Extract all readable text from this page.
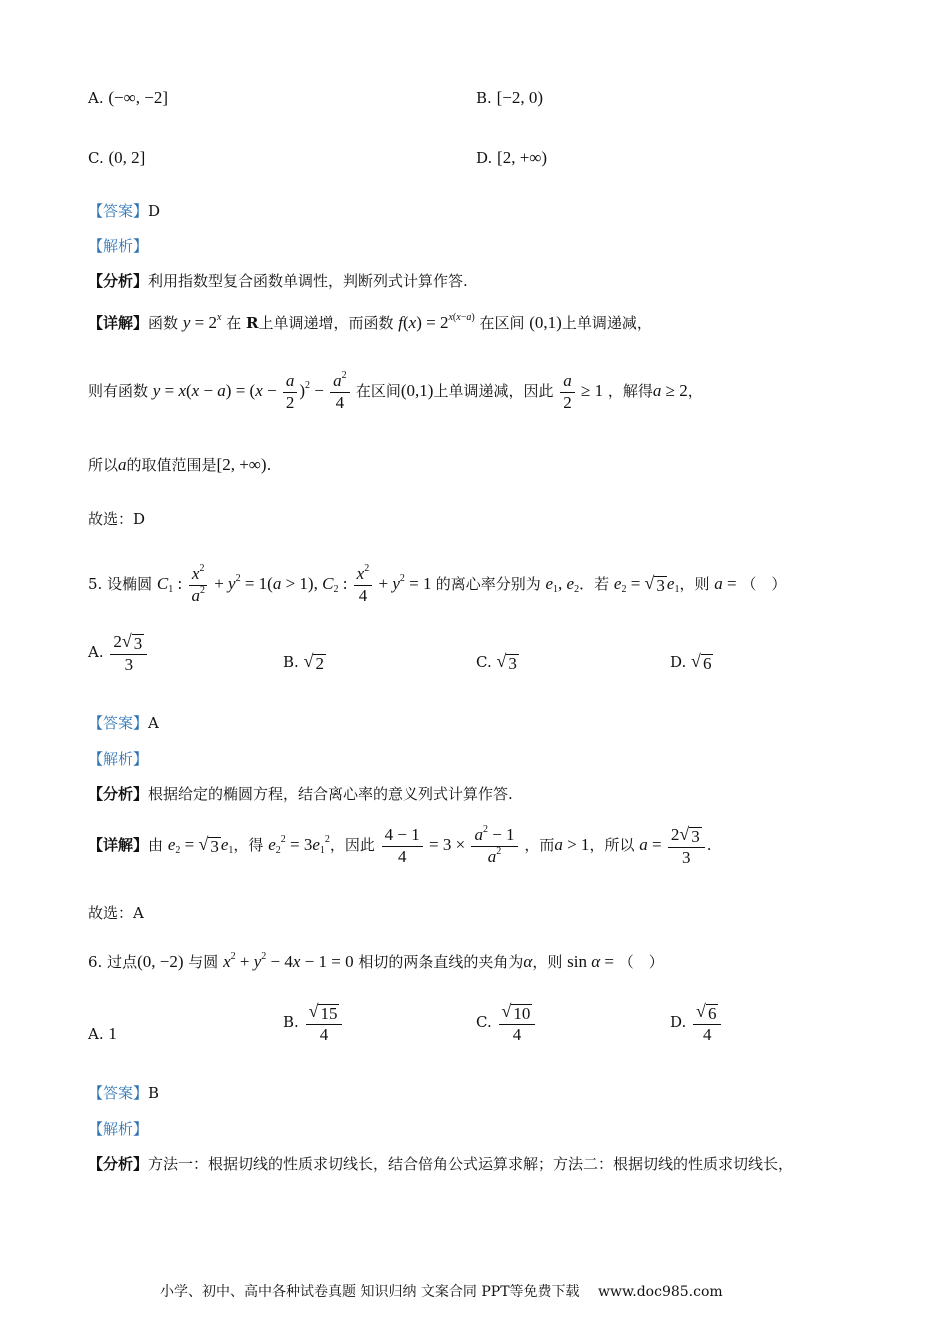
A. (−∞, −2]	B. [−2, 0)
C. (0, 2]	D. [2, +∞)
【答案】D
【解析】
【分析】利用指数型复合函数单调性，判断列式计算作答.
【详解】函数 $y = 2^x$ 在 R上单调递增，而函数 $f(x) = 2^{x(x-a)}$ 在区间 (0,1)上单调递减，
则有函数 $y = x(x - a) = (x - \frac{a}{2} )^2 - \frac{a^2}{4}$ 在区间(0,1)上单调递减，因此 $\frac{a}{2} \ge 1$ ，解得a ≥ 2，
所以a的取值范围是[2, +∞).
故选：D
5. 设椭圆 $C_1$ : $\frac{x^2}{a^2} + y^2 = 1(a > 1)$, $C_2$ : $\frac{x^2}{4} + y^2 = 1$ 的离心率分别为 $e_1$, $e_2$．若 $e_2$ = √ 3 $e_1$，则 a = （　）
A. $\frac{2 √ 3}{3}$	B. √ 2	C. √ 3	D. √ 6
【答案】A
【解析】
【分析】根据给定的椭圆方程，结合离心率的意义列式计算作答.
【详解】由 $e_2$ = √ 3 $e_1$，得 $e_2^2 = 3e_1^2$，因此 $\frac{4 - 1}{4} = 3 \times \frac{a^2 - 1}{a^2}$ ，而a > 1，所以 $a = \frac{2 √ 3}{3}$ .
故选：A
6. 过点(0, −2) 与圆 $x^2 + y^2 - 4x - 1 = 0$ 相切的两条直线的夹角为α，则 sin α = （　）
A. 1
B. $\frac{√ 15}{4}$	C. $\frac{√ 10}{4}$	D. $\frac{√ 6}{4}$
【答案】B
【解析】
【分析】方法一：根据切线的性质求切线长，结合倍角公式运算求解；方法二：根据切线的性质求切线长，
小学、初中、高中各种试卷真题 知识归纳 文案合同 PPT等免费下载　 www.doc985.com
